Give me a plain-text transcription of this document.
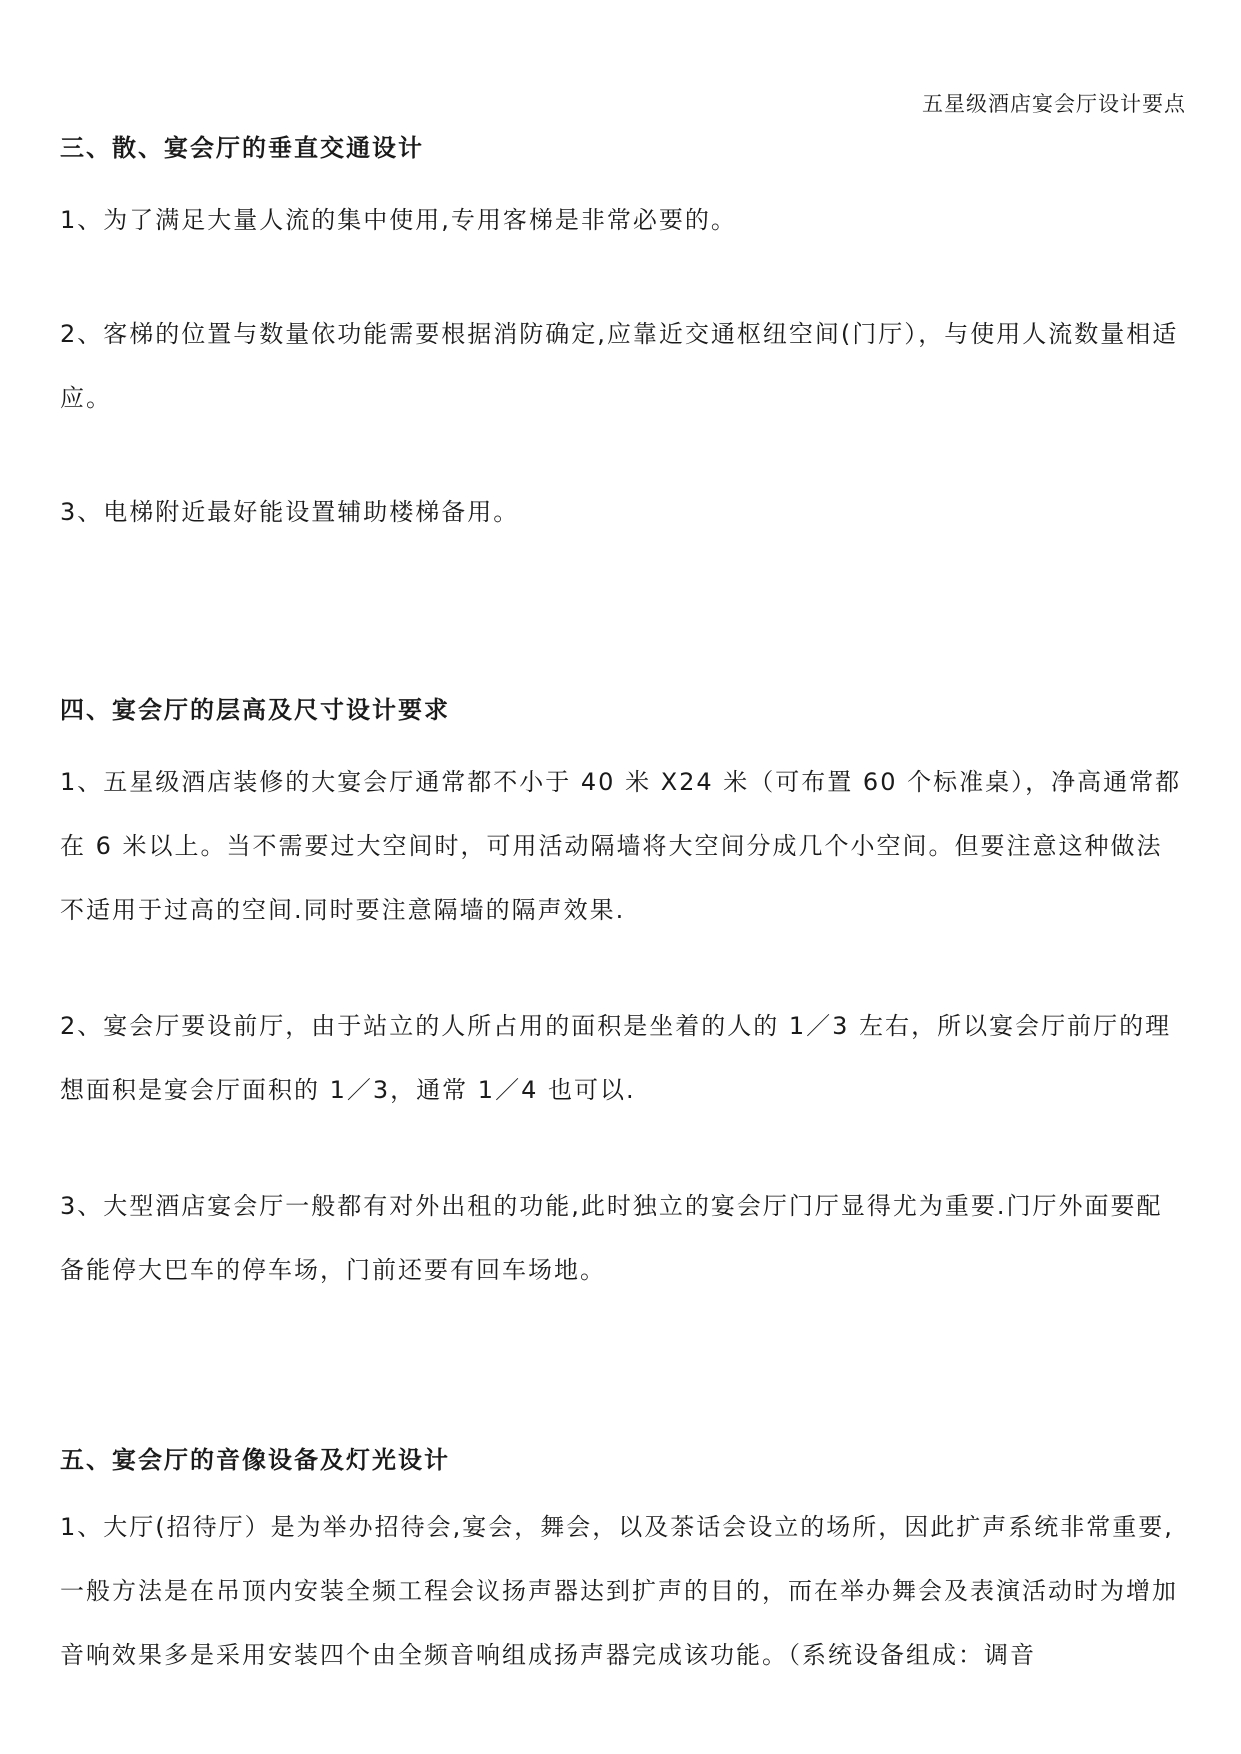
五星级酒店宴会厅设计要点
三、散、宴会厅的垂直交通设计

1、为了满足大量人流的集中使用,专用客梯是非常必要的。

2、客梯的位置与数量依功能需要根据消防确定,应靠近交通枢纽空间(门厅），与使用人流数量相适应。

3、电梯附近最好能设置辅助楼梯备用。

四、宴会厅的层高及尺寸设计要求

1、五星级酒店装修的大宴会厅通常都不小于 40 米 X24 米（可布置 60 个标准桌），净高通常都在 6 米以上。当不需要过大空间时，可用活动隔墙将大空间分成几个小空间。但要注意这种做法不适用于过高的空间.同时要注意隔墙的隔声效果.

2、宴会厅要设前厅，由于站立的人所占用的面积是坐着的人的 1／3 左右，所以宴会厅前厅的理想面积是宴会厅面积的 1／3，通常 1／4 也可以.

3、大型酒店宴会厅一般都有对外出租的功能,此时独立的宴会厅门厅显得尤为重要.门厅外面要配备能停大巴车的停车场，门前还要有回车场地。

五、宴会厅的音像设备及灯光设计

1、大厅(招待厅）是为举办招待会,宴会，舞会，以及茶话会设立的场所，因此扩声系统非常重要,一般方法是在吊顶内安装全频工程会议扬声器达到扩声的目的，而在举办舞会及表演活动时为增加音响效果多是采用安装四个由全频音响组成扬声器完成该功能。（系统设备组成：调音
